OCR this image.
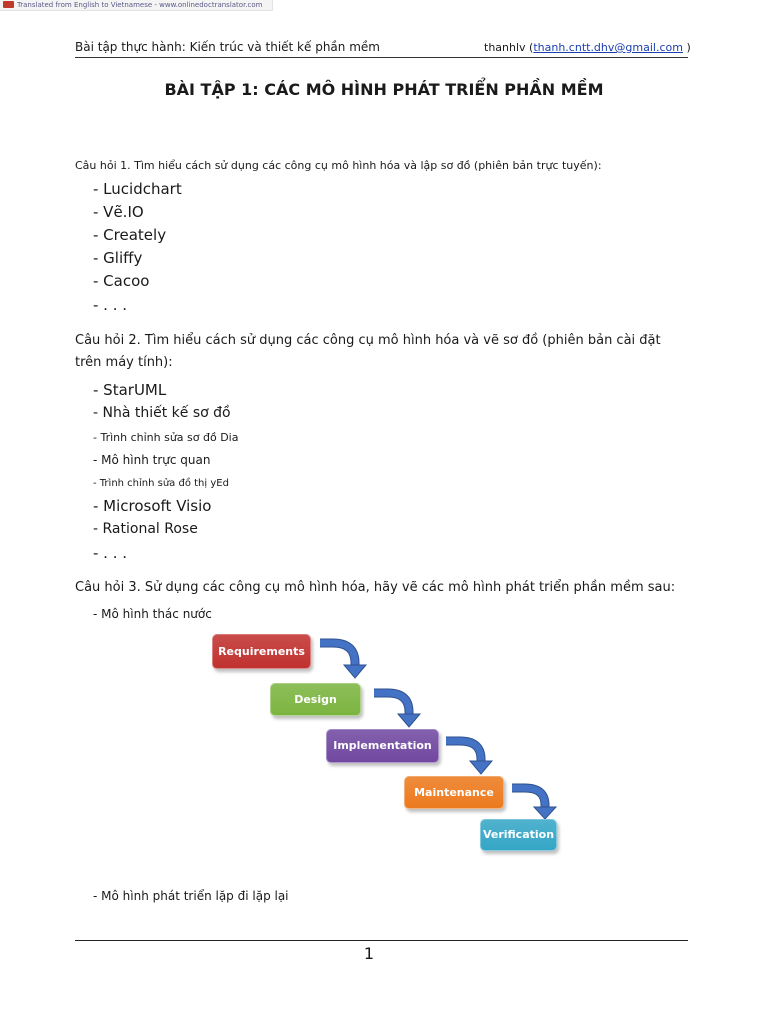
Translated from English to Vietnamese - www.onlinedoctranslator.com
Bài tập thực hành: Kiến trúc và thiết kế phần mềm	thanhlv (thanh.cntt.dhv@gmail.com )
BÀI TẬP 1: CÁC MÔ HÌNH PHÁT TRIỂN PHẦN MỀM
Câu hỏi 1. Tìm hiểu cách sử dụng các công cụ mô hình hóa và lập sơ đồ (phiên bản trực tuyến):
- Lucidchart
- Vẽ.IO
- Creately
- Gliffy
- Cacoo
- . . .
Câu hỏi 2. Tìm hiểu cách sử dụng các công cụ mô hình hóa và vẽ sơ đồ (phiên bản cài đặt trên máy tính):
- StarUML
- Nhà thiết kế sơ đồ
- Trình chỉnh sửa sơ đồ Dia
- Mô hình trực quan
- Trình chỉnh sửa đồ thị yEd
- Microsoft Visio
- Rational Rose
- . . .
Câu hỏi 3. Sử dụng các công cụ mô hình hóa, hãy vẽ các mô hình phát triển phần mềm sau:
- Mô hình thác nước
Requirements
Design
Implementation
Maintenance
Verification
- Mô hình phát triển lặp đi lặp lại
1
